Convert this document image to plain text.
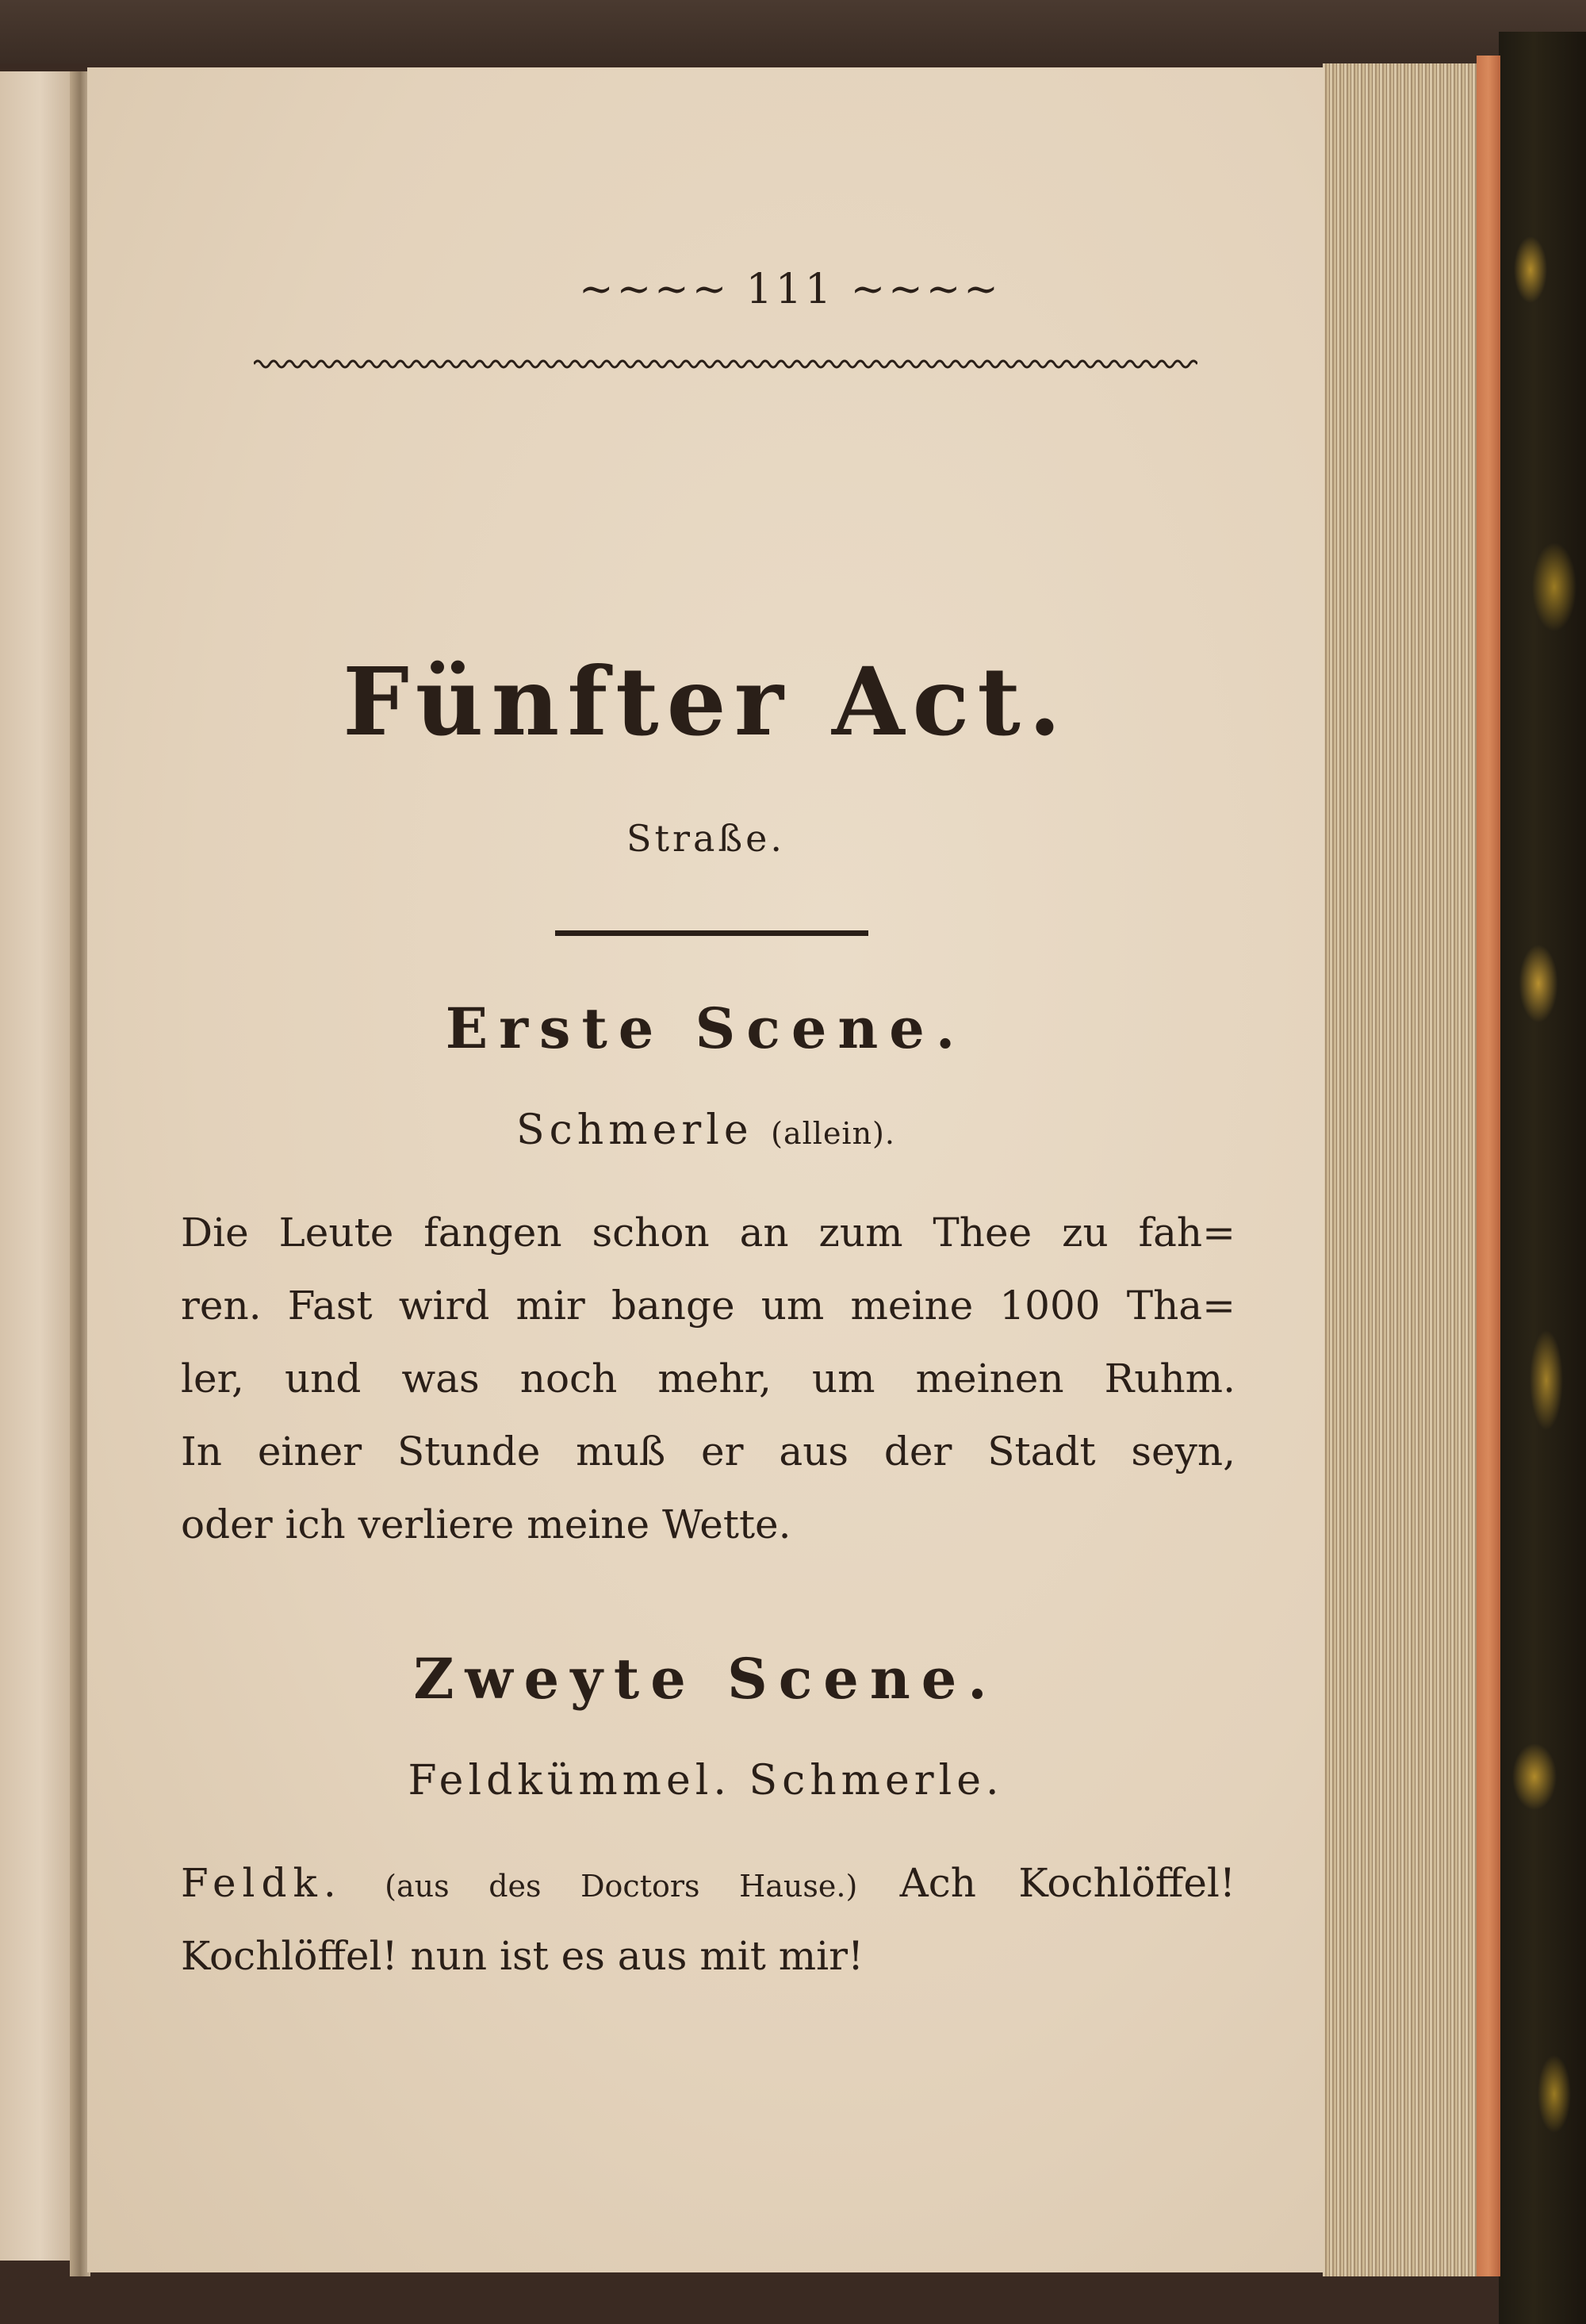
~~~~ 111 ~~~~
Fünfter Act.
Straße.
Erste Scene.
Schmerle (allein).
Die Leute fangen schon an zum Thee zu fah=
ren. Fast wird mir bange um meine 1000 Tha=
ler, und was noch mehr, um meinen Ruhm.
In einer Stunde muß er aus der Stadt seyn,
oder ich verliere meine Wette.
Zweyte Scene.
Feldkümmel. Schmerle.
Feldk. (aus des Doctors Hause.) Ach Kochlöffel!
Kochlöffel! nun ist es aus mit mir!
